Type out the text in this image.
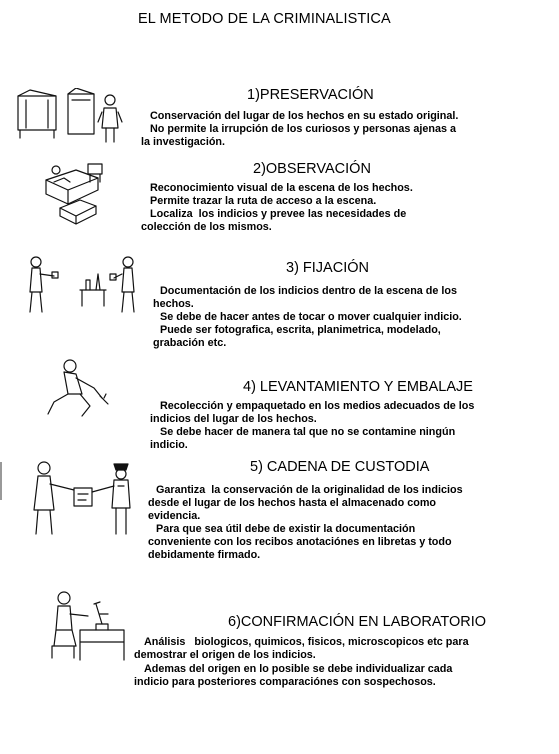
EL METODO DE LA CRIMINALISTICA

1)PRESERVACIÓN

Conservación del lugar de los hechos en su estado original.

No permite la irrupción de los curiosos y personas ajenas a

la investigación.

2)OBSERVACIÓN

Reconocimiento visual de la escena de los hechos.

Permite trazar la ruta de acceso a la escena.

Localiza  los indicios y prevee las necesidades de

colección de los mismos.

3) FIJACIÓN

Documentación de los indicios dentro de la escena de los

hechos.

Se debe de hacer antes de tocar o mover cualquier indicio.

Puede ser fotografica, escrita, planimetrica, modelado,

grabación etc.

4) LEVANTAMIENTO Y EMBALAJE

Recolección y empaquetado en los medios adecuados de los

indicios del lugar de los hechos.

Se debe hacer de manera tal que no se contamine ningún

indicio.

5) CADENA DE CUSTODIA

Garantiza  la conservación de la originalidad de los indicios

desde el lugar de los hechos hasta el almacenado como

evidencia.

Para que sea útil debe de existir la documentación

conveniente con los recibos anotaciónes en libretas y todo

debidamente firmado.

6)CONFIRMACIÓN EN LABORATORIO

Análisis   biologicos, quimicos, fisicos, microscopicos etc para

demostrar el origen de los indicios.

Ademas del origen en lo posible se debe individualizar cada

indicio para posteriores comparaciónes con sospechosos.
